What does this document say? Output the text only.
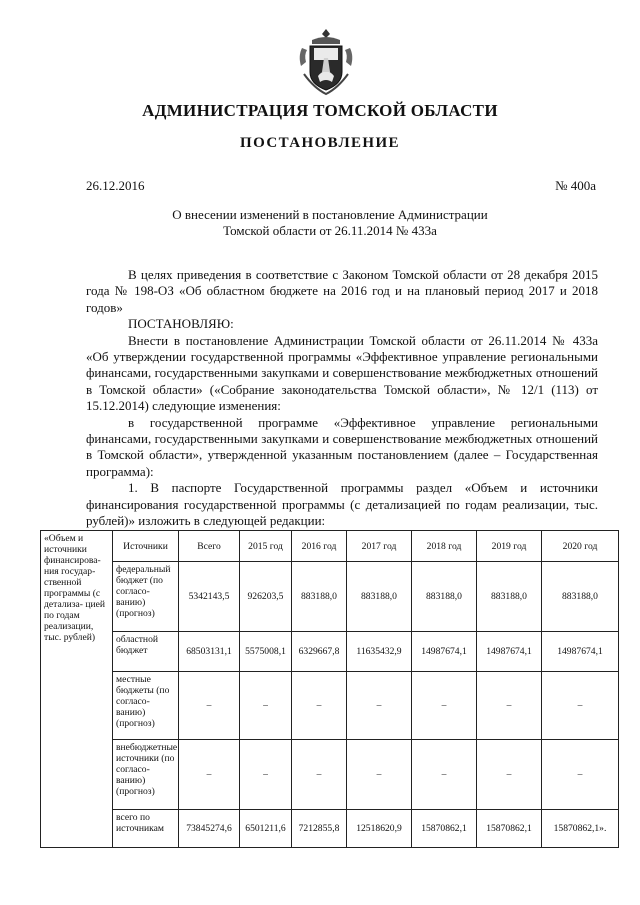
АДМИНИСТРАЦИЯ ТОМСКОЙ ОБЛАСТИ
ПОСТАНОВЛЕНИЕ
26.12.2016	№ 400а
О внесении изменений в постановление Администрации
Томской области от 26.11.2014 № 433а

В целях приведения в соответствие с Законом Томской области от 28 декабря 2015 года № 198-ОЗ «Об областном бюджете на 2016 год и на плановый период 2017 и 2018 годов»

ПОСТАНОВЛЯЮ:

Внести в постановление Администрации Томской области от 26.11.2014 № 433а «Об утверждении государственной программы «Эффективное управление региональными финансами, государственными закупками и совершенствование межбюджетных отношений в Томской области» («Собрание законодательства Томской области», № 12/1 (113) от 15.12.2014) следующие изменения:

в государственной программе «Эффективное управление региональными финансами, государственными закупками и совершенствование межбюджетных отношений в Томской области», утвержденной указанным постановлением (далее – Государственная программа):

1. В паспорте Государственной программы раздел «Объем и источники финансирования государственной программы (с детализацией по годам реализации, тыс. рублей)» изложить в следующей редакции:

«Объем и источники финансирова- ния государ- ственной программы (с детализа- цией по годам реализации, тыс. рублей)	Источники	Всего	2015 год	2016 год	2017 год	2018 год	2019 год	2020 год
	федеральный бюджет (по согласо- ванию) (прогноз)	5342143,5	926203,5	883188,0	883188,0	883188,0	883188,0	883188,0
	областной бюджет	68503131,1	5575008,1	6329667,8	11635432,9	14987674,1	14987674,1	14987674,1
	местные бюджеты (по согласо- ванию) (прогноз)	–	–	–	–	–	–	–
	внебюджетные источники (по согласо- ванию) (прогноз)	–	–	–	–	–	–	–
	всего по источникам	73845274,6	6501211,6	7212855,8	12518620,9	15870862,1	15870862,1	15870862,1».
